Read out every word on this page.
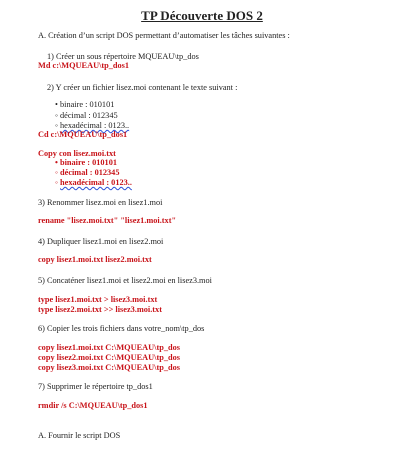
TP Découverte DOS 2
A. Création d’un script DOS permettant d’automatiser les tâches suivantes :
1) Créer un sous répertoire MQUEAU\tp_dos
Md c:\MQUEAU\tp_dos1
2) Y créer un fichier lisez.moi contenant le texte suivant :
• binaire : 010101
◦ décimal : 012345
◦ hexadécimal : 0123..
Cd c:\MQUEAU\tp_dos1
Copy con lisez.moi.txt
• binaire : 010101
◦ décimal : 012345
◦ hexadécimal : 0123..
3) Renommer lisez.moi en lisez1.moi
rename "lisez.moi.txt" "lisez1.moi.txt"
4) Dupliquer lisez1.moi en lisez2.moi
copy lisez1.moi.txt lisez2.moi.txt
5) Concaténer lisez1.moi et lisez2.moi en lisez3.moi
type lisez1.moi.txt > lisez3.moi.txt
type lisez2.moi.txt >> lisez3.moi.txt
6) Copier les trois fichiers dans votre_nom\tp_dos
copy lisez1.moi.txt C:\MQUEAU\tp_dos
copy lisez2.moi.txt C:\MQUEAU\tp_dos
copy lisez3.moi.txt C:\MQUEAU\tp_dos
7) Supprimer le répertoire tp_dos1
rmdir /s C:\MQUEAU\tp_dos1
A. Fournir le script DOS
